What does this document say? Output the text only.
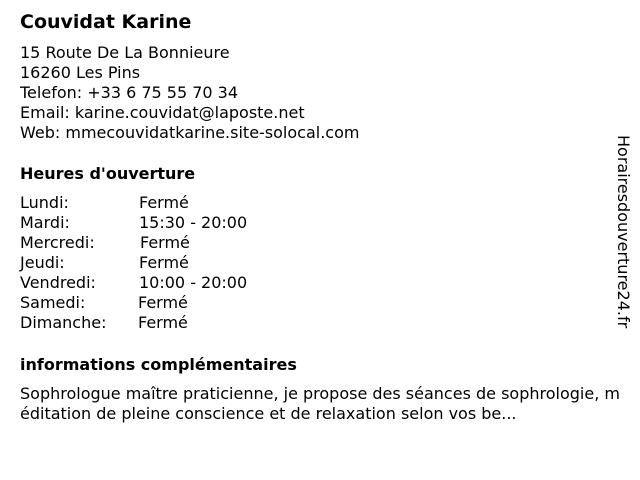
Couvidat Karine
15 Route De La Bonnieure
16260 Les Pins
Telefon: +33 6 75 55 70 34
Email: karine.couvidat@laposte.net
Web: mmecouvidatkarine.site-solocal.com
Heures d'ouverture
Lundi:	Fermé
Mardi:	15:30 - 20:00
Mercredi:	Fermé
Jeudi:	Fermé
Vendredi:	10:00 - 20:00
Samedi:	Fermé
Dimanche: Fermé
informations complémentaires
Sophrologue maître praticienne, je propose des séances de sophrologie, méditation de pleine conscience et de relaxation selon vos be...
Horairesdouverture24.fr
